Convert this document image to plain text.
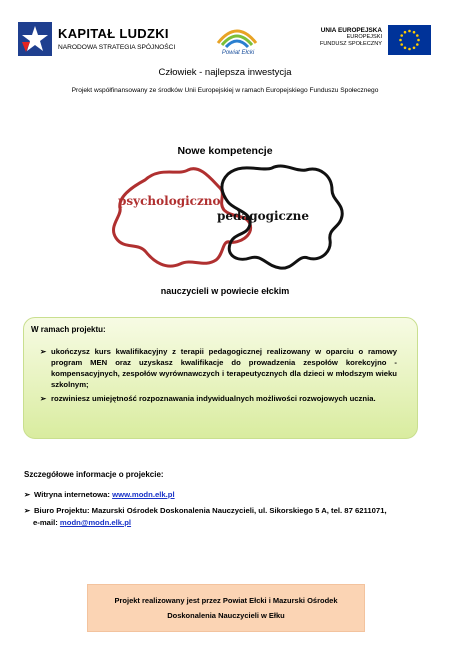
KAPITAŁ LUDZKI
NARODOWA STRATEGIA SPÓJNOŚCI
Powiat Ełcki
UNIA EUROPEJSKA
EUROPEJSKI
FUNDUSZ SPOŁECZNY
Człowiek - najlepsza inwestycja
Projekt współfinansowany ze środków Unii Europejskiej w ramach Europejskiego Funduszu Społecznego
Nowe kompetencje
psychologiczno
pedagogiczne
nauczycieli w powiecie ełckim
W ramach projektu:
➢ ukończysz kurs kwalifikacyjny z terapii pedagogicznej realizowany w oparciu o ramowy program MEN oraz uzyskasz kwalifikacje do prowadzenia zespołów korekcyjno - kompensacyjnych, zespołów wyrównawczych i terapeutycznych dla dzieci w młodszym wieku szkolnym;
➢ rozwiniesz umiejętność rozpoznawania indywidualnych możliwości rozwojowych ucznia.
Szczegółowe informacje o projekcie:
➢ Witryna internetowa: www.modn.elk.pl
➢ Biuro Projektu: Mazurski Ośrodek Doskonalenia Nauczycieli, ul. Sikorskiego 5 A, tel. 87 6211071,
e-mail: modn@modn.elk.pl
Projekt realizowany jest przez Powiat Ełcki i Mazurski Ośrodek
Doskonalenia Nauczycieli w Ełku
